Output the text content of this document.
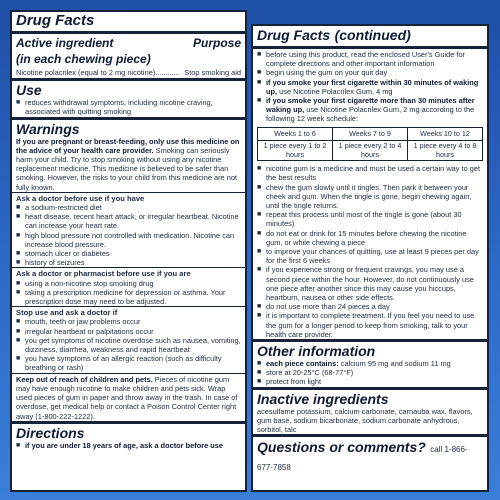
Drug Facts
Active ingredient	Purpose
(in each chewing piece)
Nicotine polacrilex (equal to 2 mg nicotine)............ Stop smoking aid
Use
■ reduces withdrawal symptoms, including nicotine craving, associated with quitting smoking
Warnings
If you are pregnant or breast-feeding, only use this medicine on the advice of your health care provider. Smoking can seriously harm your child. Try to stop smoking without using any nicotine replacement medicine. This medicine is believed to be safer than smoking. However, the risks to your child from this medicine are not fully known.
Ask a doctor before use if you have
■ a sodium-restricted diet
■ heart disease, recent heart attack, or irregular heartbeat. Nicotine can increase your heart rate.
■ high blood pressure not controlled with medication. Nicotine can increase blood pressure.
■ stomach ulcer or diabetes
■ history of seizures
Ask a doctor or pharmacist before use if you are
■ using a non-nicotine stop smoking drug
■ taking a prescription medicine for depression or asthma. Your prescription dose may need to be adjusted.
Stop use and ask a doctor if
■ mouth, teeth or jaw problems occur
■ irregular heartbeat or palpitations occur
■ you get symptoms of nicotine overdose such as nausea, vomiting, dizziness, diarrhea, weakness and rapid heartbeat
■ you have symptoms of an allergic reaction (such as difficulty breathing or rash)
Keep out of reach of children and pets. Pieces of nicotine gum may have enough nicotine to make children and pets sick. Wrap used pieces of gum in paper and throw away in the trash. In case of overdose, get medical help or contact a Poison Control Center right away (1-800-222-1222).
Directions
■ if you are under 18 years of age, ask a doctor before use
Drug Facts (continued)
■ before using this product, read the enclosed User's Guide for complete directions and other important information
■ begin using the gum on your quit day
■ if you smoke your first cigarette within 30 minutes of waking up, use Nicotine Polacrilex Gum, 4 mg
■ if you smoke your first cigarette more than 30 minutes after waking up, use Nicotine Polacrilex Gum, 2 mg according to the following 12 week schedule:
Weeks 1 to 6	Weeks 7 to 9	Weeks 10 to 12
1 piece every 1 to 2 hours	1 piece every 2 to 4 hours	1 piece every 4 to 8 hours
■ nicotine gum is a medicine and must be used a certain way to get the best results
■ chew the gum slowly until it tingles. Then park it between your cheek and gum. When the tingle is gone, begin chewing again, until the tingle returns.
■ repeat this process until most of the tingle is gone (about 30 minutes)
■ do not eat or drink for 15 minutes before chewing the nicotine gum, or while chewing a piece
■ to improve your chances of quitting, use at least 9 pieces per day for the first 6 weeks
■ if you experience strong or frequent cravings, you may use a second piece within the hour. However, do not continuously use one piece after another since this may cause you hiccups, heartburn, nausea or other side effects.
■ do not use more than 24 pieces a day
■ it is important to complete treatment. If you feel you need to use the gum for a longer period to keep from smoking, talk to your health care provider.
Other information
■ each piece contains: calcium 95 mg and sodium 11 mg
■ store at 20-25°C (68-77°F)
■ protect from light
Inactive ingredients
acesulfame potassium, calcium carbonate, carnauba wax, flavors, gum base, sodium bicarbonate, sodium carbonate anhydrous, sorbitol, talc
Questions or comments? call 1-866-677-7858
